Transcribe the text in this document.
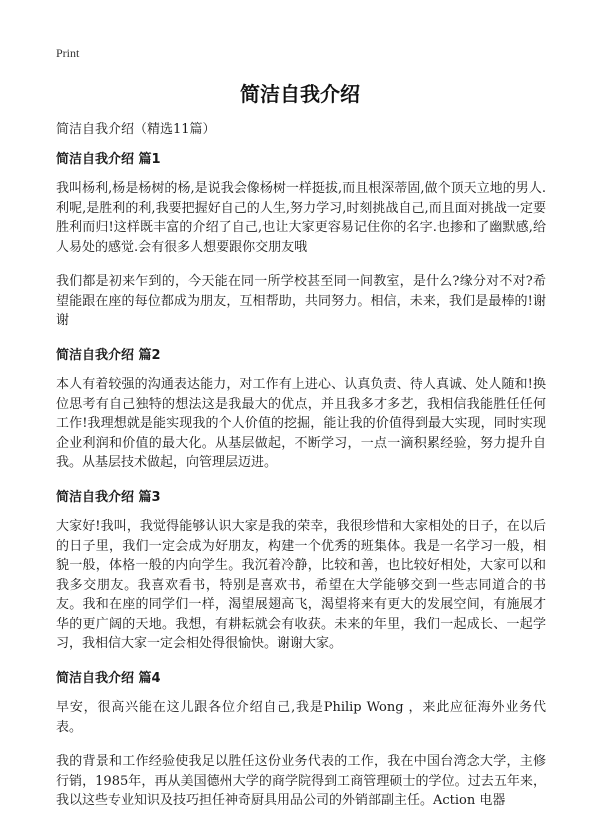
Print
简洁自我介绍
简洁自我介绍（精选11篇）
简洁自我介绍 篇1

我叫杨利,杨是杨树的杨,是说我会像杨树一样挺拔,而且根深蒂固,做个顶天立地的男人.利呢,是胜利的利,我要把握好自己的人生,努力学习,时刻挑战自己,而且面对挑战一定要胜利而归!这样既丰富的介绍了自己,也让大家更容易记住你的名字.也掺和了幽默感,给人易处的感觉.会有很多人想要跟你交朋友哦

我们都是初来乍到的，今天能在同一所学校甚至同一间教室，是什么?缘分对不对?希望能跟在座的每位都成为朋友，互相帮助，共同努力。相信，未来，我们是最棒的!谢谢

简洁自我介绍 篇2

本人有着较强的沟通表达能力，对工作有上进心、认真负责、待人真诚、处人随和!换位思考有自己独特的想法这是我最大的优点，并且我多才多艺，我相信我能胜任任何工作!我理想就是能实现我的个人价值的挖掘，能让我的价值得到最大实现，同时实现企业利润和价值的最大化。从基层做起，不断学习，一点一滴积累经验，努力提升自我。从基层技术做起，向管理层迈进。

简洁自我介绍 篇3

大家好!我叫，我觉得能够认识大家是我的荣幸，我很珍惜和大家相处的日子，在以后的日子里，我们一定会成为好朋友，构建一个优秀的班集体。我是一名学习一般，相貌一般，体格一般的内向学生。我沉着冷静，比较和善，也比较好相处，大家可以和我多交朋友。我喜欢看书，特别是喜欢书，希望在大学能够交到一些志同道合的书友。我和在座的同学们一样，渴望展翅高飞，渴望将来有更大的发展空间，有施展才华的更广阔的天地。我想，有耕耘就会有收获。未来的年里，我们一起成长、一起学习，我相信大家一定会相处得很愉快。谢谢大家。

简洁自我介绍 篇4

早安，很高兴能在这儿跟各位介绍自己,我是Philip Wong ，来此应征海外业务代表。

我的背景和工作经验使我足以胜任这份业务代表的工作，我在中国台湾念大学，主修行销，1985年，再从美国德州大学的商学院得到工商管理硕士的学位。过去五年来，我以这些专业知识及技巧担任神奇厨具用品公司的外销部副主任。Action 电器
